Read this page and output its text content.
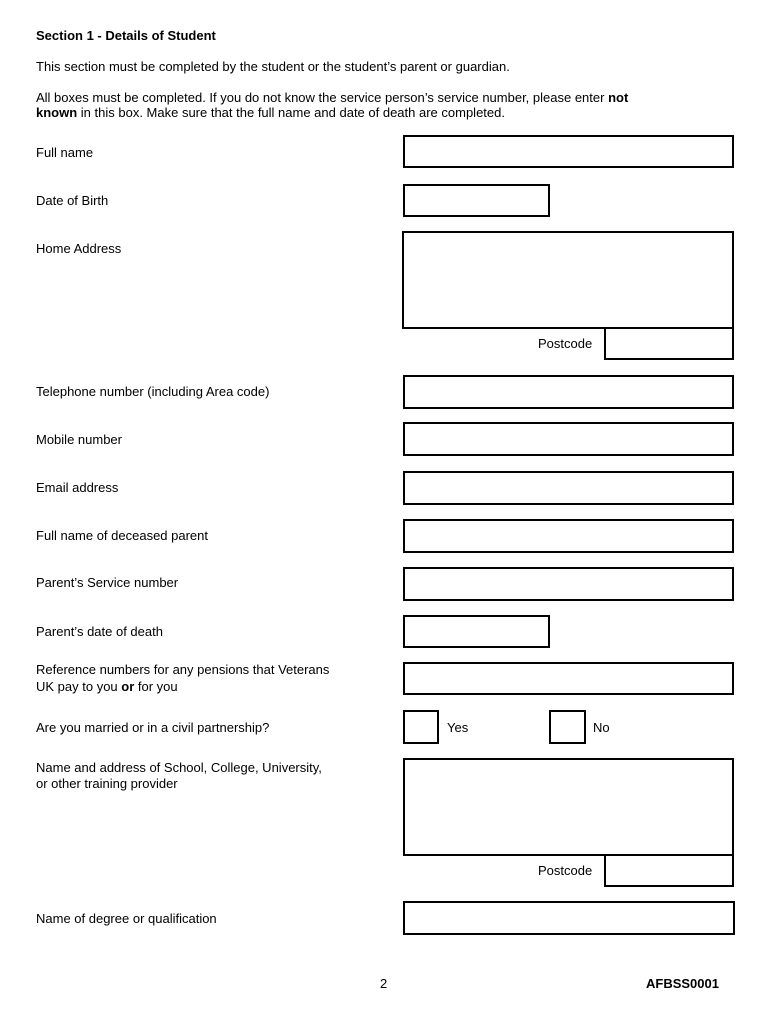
Section 1 - Details of Student
This section must be completed by the student or the student’s parent or guardian.
All boxes must be completed. If you do not know the service person’s service number, please enter not
known in this box. Make sure that the full name and date of death are completed.
Full name
Date of Birth
Home Address
Postcode
Telephone number (including Area code)
Mobile number
Email address
Full name of deceased parent
Parent’s Service number
Parent’s date of death
Reference numbers for any pensions that Veterans
UK pay to you or for you
Are you married or in a civil partnership?	Yes	No
Name and address of School, College, University,
or other training provider
Postcode
Name of degree or qualification
2	AFBSS0001
